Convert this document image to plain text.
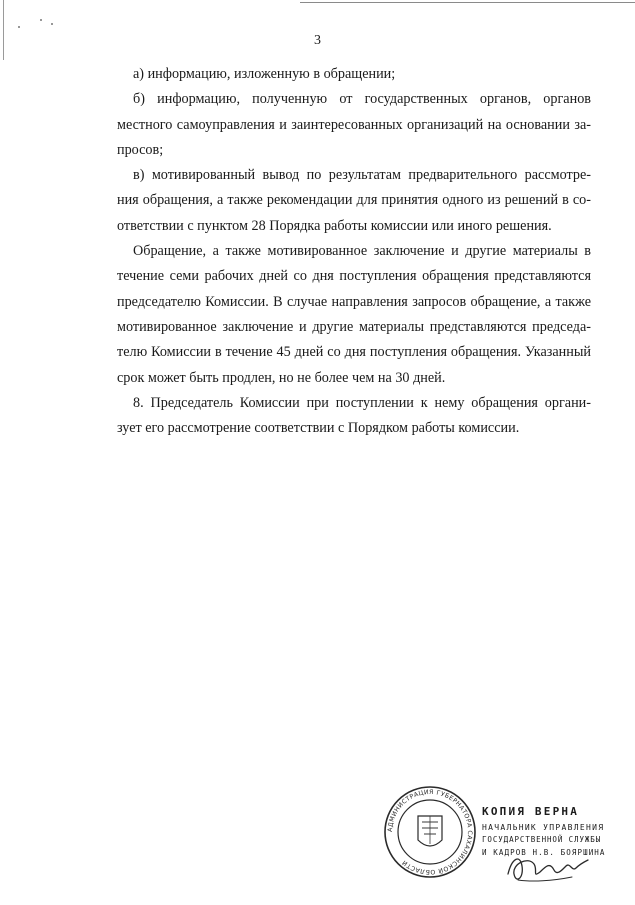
3
а) информацию, изложенную в обращении;
б) информацию, полученную от государственных органов, органов
местного самоуправления и заинтересованных организаций на основании за-
просов;
в) мотивированный вывод по результатам предварительного рассмотре-
ния обращения, а также рекомендации для принятия одного из решений в со-
ответствии с пунктом 28 Порядка работы комиссии или иного решения.
Обращение, а также мотивированное заключение и другие материалы в
течение семи рабочих дней со дня поступления обращения представляются
председателю Комиссии. В случае направления запросов обращение, а также
мотивированное заключение и другие материалы представляются председа-
телю Комиссии в течение 45 дней со дня поступления обращения. Указанный
срок может быть продлен, но не более чем на 30 дней.
8. Председатель Комиссии при поступлении к нему обращения органи-
зует его рассмотрение соответствии с Порядком работы комиссии.
АДМИНИСТРАЦИЯ ГУБЕРНАТОРА САХАЛИНСКОЙ ОБЛАСТИ
КОПИЯ ВЕРНА
НАЧАЛЬНИК УПРАВЛЕНИЯ
ГОСУДАРСТВЕННОЙ СЛУЖБЫ
И КАДРОВ Н.В. БОЯРШИНА
